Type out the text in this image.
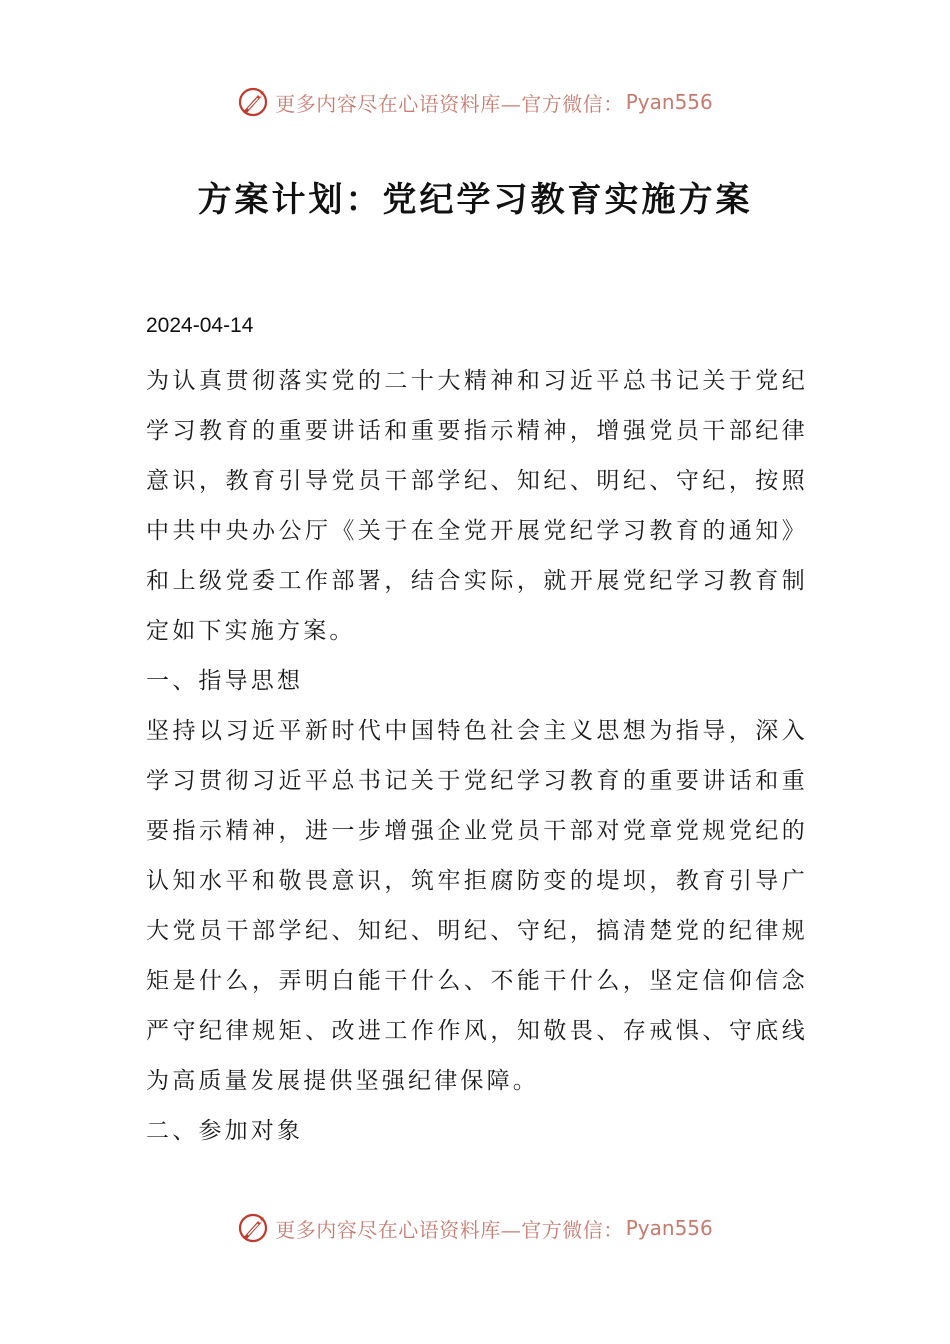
更多内容尽在心语资料库—官方微信： Pyan556
方案计划：党纪学习教育实施方案
2024-04-14

为认真贯彻落实党的二十大精神和习近平总书记关于党纪学习教育的重要讲话和重要指示精神，增强党员干部纪律意识，教育引导党员干部学纪、知纪、明纪、守纪，按照中共中央办公厅《关于在全党开展党纪学习教育的通知》和上级党委工作部署，结合实际，就开展党纪学习教育制定如下实施方案。

一、指导思想

坚持以习近平新时代中国特色社会主义思想为指导，深入学习贯彻习近平总书记关于党纪学习教育的重要讲话和重要指示精神，进一步增强企业党员干部对党章党规党纪的认知水平和敬畏意识，筑牢拒腐防变的堤坝，教育引导广大党员干部学纪、知纪、明纪、守纪，搞清楚党的纪律规矩是什么，弄明白能干什么、不能干什么，坚定信仰信念严守纪律规矩、改进工作作风，知敬畏、存戒惧、守底线为高质量发展提供坚强纪律保障。

二、参加对象

更多内容尽在心语资料库—官方微信： Pyan556
